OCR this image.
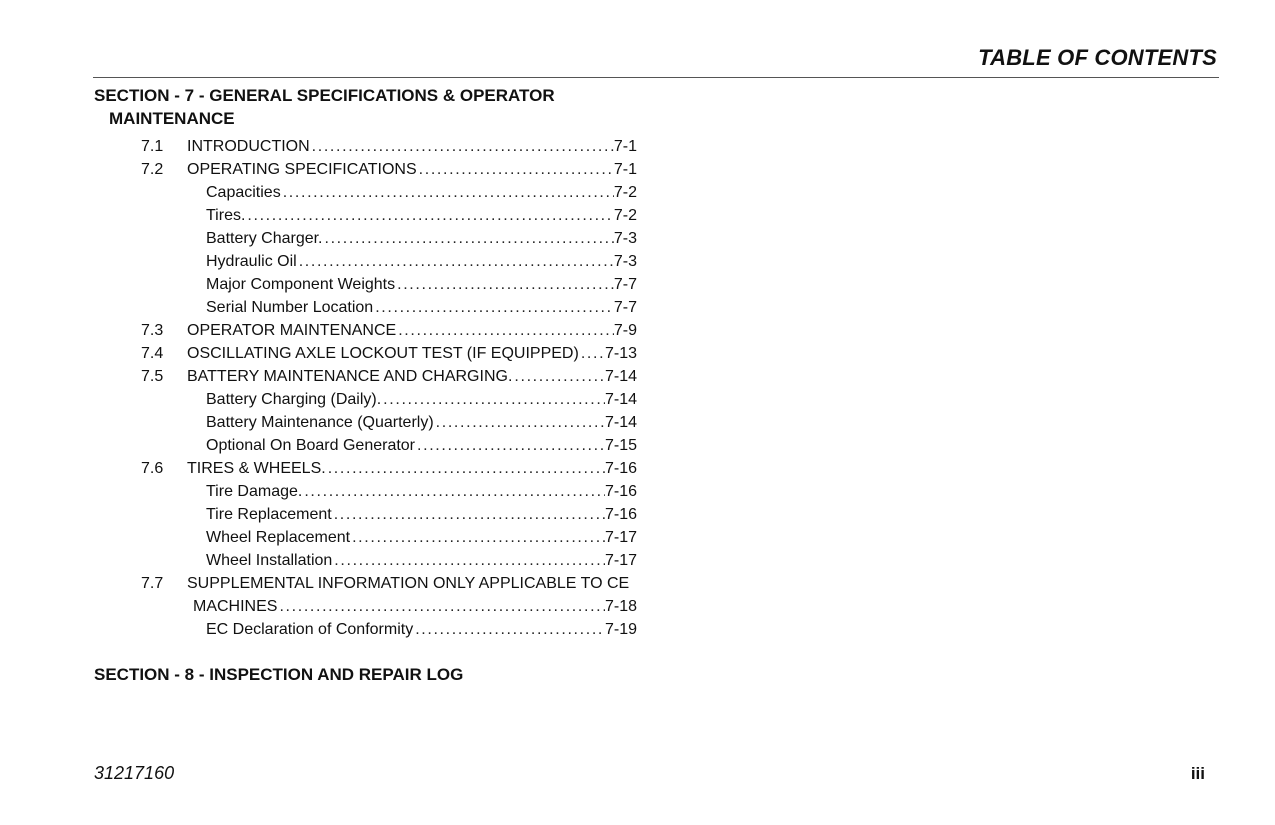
TABLE OF CONTENTS
SECTION - 7 - GENERAL SPECIFICATIONS & OPERATOR
MAINTENANCE
7.1 INTRODUCTION . . .	7-1
7.2 OPERATING SPECIFICATIONS . . .	7-1
Capacities . . .	7-2
Tires. . . .	7-2
Battery Charger. . . .	7-3
Hydraulic Oil . . .	7-3
Major Component Weights . . .	7-7
Serial Number Location . . .	7-7
7.3 OPERATOR MAINTENANCE . . .	7-9
7.4 OSCILLATING AXLE LOCKOUT TEST (IF EQUIPPED) . . . 7-13
7.5 BATTERY MAINTENANCE AND CHARGING. . . .	7-14
Battery Charging (Daily). . . .	7-14
Battery Maintenance (Quarterly) . . .	7-14
Optional On Board Generator . . .	7-15
7.6 TIRES & WHEELS. . . .	7-16
Tire Damage. . . .	7-16
Tire Replacement . . .	7-16
Wheel Replacement . . .	7-17
Wheel Installation . . .	7-17
7.7 SUPPLEMENTAL INFORMATION ONLY APPLICABLE TO CE
MACHINES . . .	7-18
EC Declaration of Conformity . . .	7-19
SECTION - 8 - INSPECTION AND REPAIR LOG
31217160	iii
